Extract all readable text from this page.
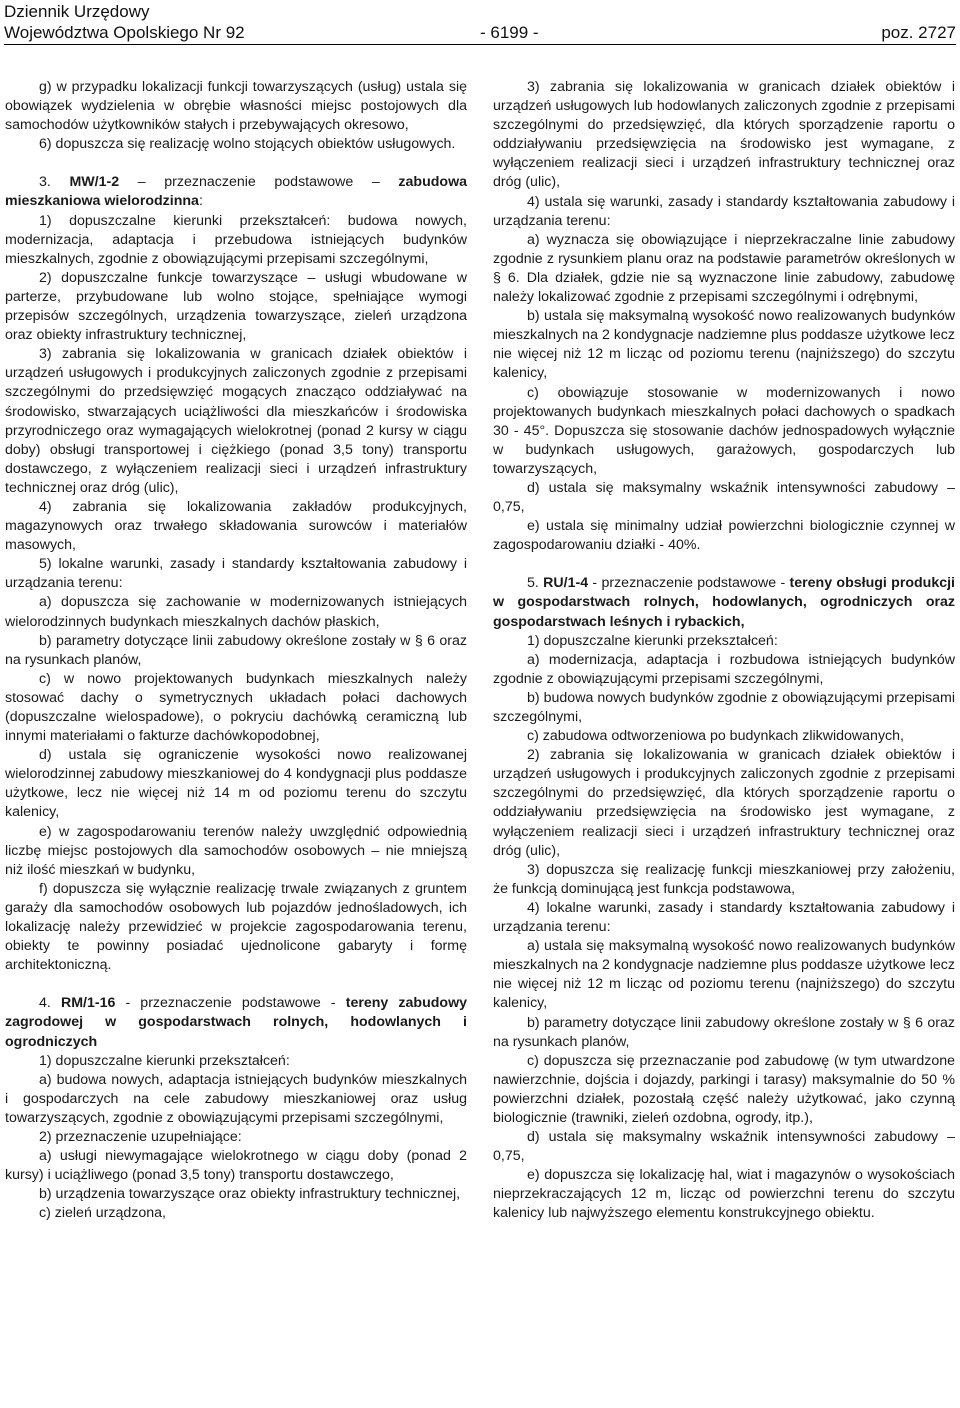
Dziennik Urzędowy
Województwa Opolskiego Nr 92	- 6199 -	poz. 2727

g) w przypadku lokalizacji funkcji towarzyszących (usług) ustala się obowiązek wydzielenia w obrębie własności miejsc postojowych dla samochodów użytkowników stałych i przebywających okresowo,

6) dopuszcza się realizację wolno stojących obiektów usługowych.

3. MW/1-2 – przeznaczenie podstawowe – zabudowa mieszkaniowa wielorodzinna:

1) dopuszczalne kierunki przekształceń: budowa nowych, modernizacja, adaptacja i przebudowa istniejących budynków mieszkalnych, zgodnie z obowiązującymi przepisami szczególnymi,

2) dopuszczalne funkcje towarzyszące – usługi wbudowane w parterze, przybudowane lub wolno stojące, spełniające wymogi przepisów szczególnych, urządzenia towarzyszące, zieleń urządzona oraz obiekty infrastruktury technicznej,

3) zabrania się lokalizowania w granicach działek obiektów i urządzeń usługowych i produkcyjnych zaliczonych zgodnie z przepisami szczególnymi do przedsięwzięć mogących znacząco oddziaływać na środowisko, stwarzających uciążliwości dla mieszkańców i środowiska przyrodniczego oraz wymagających wielokrotnej (ponad 2 kursy w ciągu doby) obsługi transportowej i ciężkiego (ponad 3,5 tony) transportu dostawczego, z wyłączeniem realizacji sieci i urządzeń infrastruktury technicznej oraz dróg (ulic),

4) zabrania się lokalizowania zakładów produkcyjnych, magazynowych oraz trwałego składowania surowców i materiałów masowych,

5) lokalne warunki, zasady i standardy kształtowania zabudowy i urządzania terenu:

a) dopuszcza się zachowanie w modernizowanych istniejących wielorodzinnych budynkach mieszkalnych dachów płaskich,

b) parametry dotyczące linii zabudowy określone zostały w § 6 oraz na rysunkach planów,

c) w nowo projektowanych budynkach mieszkalnych należy stosować dachy o symetrycznych układach połaci dachowych (dopuszczalne wielospadowe), o pokryciu dachówką ceramiczną lub innymi materiałami o fakturze dachówkopodobnej,

d) ustala się ograniczenie wysokości nowo realizowanej wielorodzinnej zabudowy mieszkaniowej do 4 kondygnacji plus poddasze użytkowe, lecz nie więcej niż 14 m od poziomu terenu do szczytu kalenicy,

e) w zagospodarowaniu terenów należy uwzględnić odpowiednią liczbę miejsc postojowych dla samochodów osobowych – nie mniejszą niż ilość mieszkań w budynku,

f) dopuszcza się wyłącznie realizację trwale związanych z gruntem garaży dla samochodów osobowych lub pojazdów jednośladowych, ich lokalizację należy przewidzieć w projekcie zagospodarowania terenu, obiekty te powinny posiadać ujednolicone gabaryty i formę architektoniczną.

4. RM/1-16 - przeznaczenie podstawowe - tereny zabudowy zagrodowej w gospodarstwach rolnych, hodowlanych i ogrodniczych

1) dopuszczalne kierunki przekształceń:

a) budowa nowych, adaptacja istniejących budynków mieszkalnych i gospodarczych na cele zabudowy mieszkaniowej oraz usług towarzyszących, zgodnie z obowiązującymi przepisami szczególnymi,

2) przeznaczenie uzupełniające:

a) usługi niewymagające wielokrotnego w ciągu doby (ponad 2 kursy) i uciążliwego (ponad 3,5 tony) transportu dostawczego,

b) urządzenia towarzyszące oraz obiekty infrastruktury technicznej,

c) zieleń urządzona,

3) zabrania się lokalizowania w granicach działek obiektów i urządzeń usługowych lub hodowlanych zaliczonych zgodnie z przepisami szczególnymi do przedsięwzięć, dla których sporządzenie raportu o oddziaływaniu przedsięwzięcia na środowisko jest wymagane, z wyłączeniem realizacji sieci i urządzeń infrastruktury technicznej oraz dróg (ulic),

4) ustala się warunki, zasady i standardy kształtowania zabudowy i urządzania terenu:

a) wyznacza się obowiązujące i nieprzekraczalne linie zabudowy zgodnie z rysunkiem planu oraz na podstawie parametrów określonych w § 6. Dla działek, gdzie nie są wyznaczone linie zabudowy, zabudowę należy lokalizować zgodnie z przepisami szczególnymi i odrębnymi,

b) ustala się maksymalną wysokość nowo realizowanych budynków mieszkalnych na 2 kondygnacje nadziemne plus poddasze użytkowe lecz nie więcej niż 12 m licząc od poziomu terenu (najniższego) do szczytu kalenicy,

c) obowiązuje stosowanie w modernizowanych i nowo projektowanych budynkach mieszkalnych połaci dachowych o spadkach 30 - 45°. Dopuszcza się stosowanie dachów jednospadowych wyłącznie w budynkach usługowych, garażowych, gospodarczych lub towarzyszących,

d) ustala się maksymalny wskaźnik intensywności zabudowy – 0,75,

e) ustala się minimalny udział powierzchni biologicznie czynnej w zagospodarowaniu działki - 40%.

5. RU/1-4 - przeznaczenie podstawowe - tereny obsługi produkcji w gospodarstwach rolnych, hodowlanych, ogrodniczych oraz gospodarstwach leśnych i rybackich,

1) dopuszczalne kierunki przekształceń:

a) modernizacja, adaptacja i rozbudowa istniejących budynków zgodnie z obowiązującymi przepisami szczególnymi,

b) budowa nowych budynków zgodnie z obowiązującymi przepisami szczególnymi,

c) zabudowa odtworzeniowa po budynkach zlikwidowanych,

2) zabrania się lokalizowania w granicach działek obiektów i urządzeń usługowych i produkcyjnych zaliczonych zgodnie z przepisami szczególnymi do przedsięwzięć, dla których sporządzenie raportu o oddziaływaniu przedsięwzięcia na środowisko jest wymagane, z wyłączeniem realizacji sieci i urządzeń infrastruktury technicznej oraz dróg (ulic),

3) dopuszcza się realizację funkcji mieszkaniowej przy założeniu, że funkcją dominującą jest funkcja podstawowa,

4) lokalne warunki, zasady i standardy kształtowania zabudowy i urządzania terenu:

a) ustala się maksymalną wysokość nowo realizowanych budynków mieszkalnych na 2 kondygnacje nadziemne plus poddasze użytkowe lecz nie więcej niż 12 m licząc od poziomu terenu (najniższego) do szczytu kalenicy,

b) parametry dotyczące linii zabudowy określone zostały w § 6 oraz na rysunkach planów,

c) dopuszcza się przeznaczanie pod zabudowę (w tym utwardzone nawierzchnie, dojścia i dojazdy, parkingi i tarasy) maksymalnie do 50 % powierzchni działek, pozostałą część należy użytkować, jako czynną biologicznie (trawniki, zieleń ozdobna, ogrody, itp.),

d) ustala się maksymalny wskaźnik intensywności zabudowy – 0,75,

e) dopuszcza się lokalizację hal, wiat i magazynów o wysokościach nieprzekraczających 12 m, licząc od powierzchni terenu do szczytu kalenicy lub najwyższego elementu konstrukcyjnego obiektu.
